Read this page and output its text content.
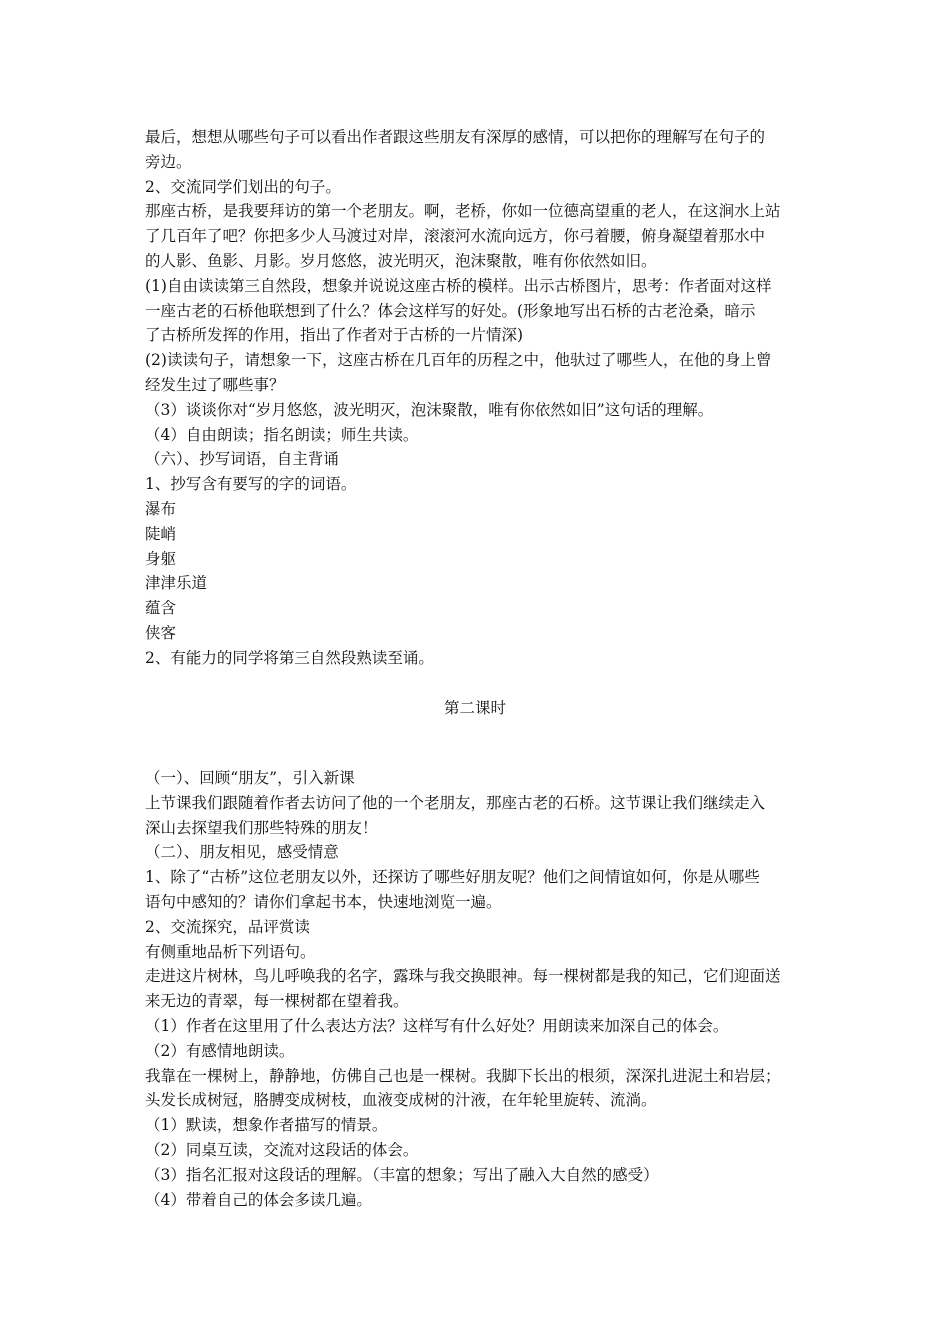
最后，想想从哪些句子可以看出作者跟这些朋友有深厚的感情，可以把你的理解写在句子的
旁边。
2、交流同学们划出的句子。
那座古桥，是我要拜访的第一个老朋友。啊，老桥，你如一位德高望重的老人，在这涧水上站
了几百年了吧？你把多少人马渡过对岸，滚滚河水流向远方，你弓着腰，俯身凝望着那水中
的人影、鱼影、月影。岁月悠悠，波光明灭，泡沫聚散，唯有你依然如旧。
(1)自由读读第三自然段，想象并说说这座古桥的模样。出示古桥图片，思考：作者面对这样
一座古老的石桥他联想到了什么？体会这样写的好处。(形象地写出石桥的古老沧桑，暗示
了古桥所发挥的作用，指出了作者对于古桥的一片情深)
(2)读读句子，请想象一下，这座古桥在几百年的历程之中，他驮过了哪些人，在他的身上曾
经发生过了哪些事？
（3）谈谈你对“岁月悠悠，波光明灭，泡沫聚散，唯有你依然如旧”这句话的理解。
（4）自由朗读；指名朗读；师生共读。
（六）、抄写词语，自主背诵
1、抄写含有要写的字的词语。
瀑布
陡峭
身躯
津津乐道
蕴含
侠客
2、有能力的同学将第三自然段熟读至诵。
第二课时
（一）、回顾“朋友”，引入新课
上节课我们跟随着作者去访问了他的一个老朋友，那座古老的石桥。这节课让我们继续走入
深山去探望我们那些特殊的朋友！
（二）、朋友相见，感受情意
1、除了“古桥”这位老朋友以外，还探访了哪些好朋友呢？他们之间情谊如何，你是从哪些
语句中感知的？请你们拿起书本，快速地浏览一遍。
2、交流探究，品评赏读
有侧重地品析下列语句。
走进这片树林，鸟儿呼唤我的名字，露珠与我交换眼神。每一棵树都是我的知己，它们迎面送
来无边的青翠，每一棵树都在望着我。
（1）作者在这里用了什么表达方法？这样写有什么好处？用朗读来加深自己的体会。
（2）有感情地朗读。
我靠在一棵树上，静静地，仿佛自己也是一棵树。我脚下长出的根须，深深扎进泥土和岩层；
头发长成树冠，胳膊变成树枝，血液变成树的汁液，在年轮里旋转、流淌。
（1）默读，想象作者描写的情景。
（2）同桌互读，交流对这段话的体会。
（3）指名汇报对这段话的理解。（丰富的想象；写出了融入大自然的感受）
（4）带着自己的体会多读几遍。
